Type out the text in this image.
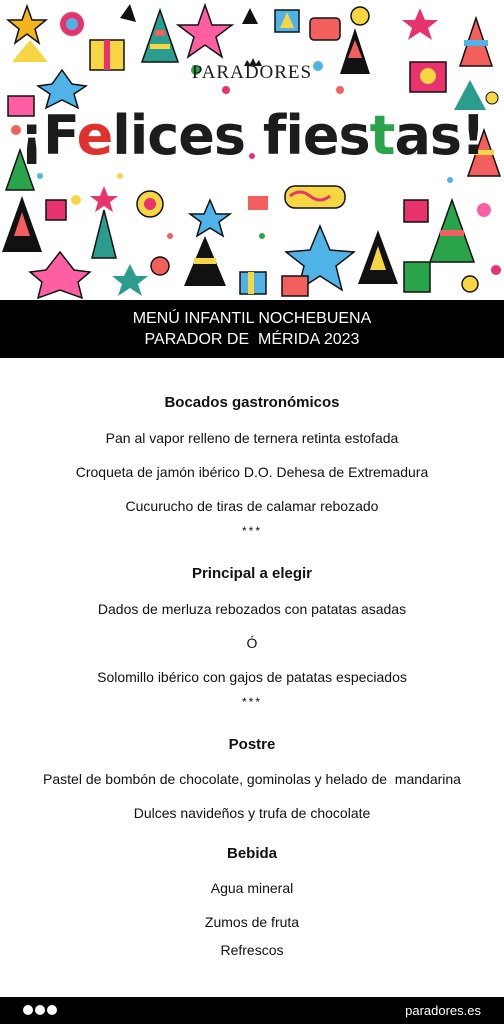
PARADORES
¡Felices fiestas!
MENÚ INFANTIL NOCHEBUENA
PARADOR DE  MÉRIDA 2023
Bocados gastronómicos
Pan al vapor relleno de ternera retinta estofada
Croqueta de jamón ibérico D.O. Dehesa de Extremadura
Cucurucho de tiras de calamar rebozado
***
Principal a elegir
Dados de merluza rebozados con patatas asadas
Ó
Solomillo ibérico con gajos de patatas especiados
***
Postre
Pastel de bombón de chocolate, gominolas y helado de  mandarina
Dulces navideños y trufa de chocolate
Bebida
Agua mineral
Zumos de fruta
Refrescos
paradores.es
